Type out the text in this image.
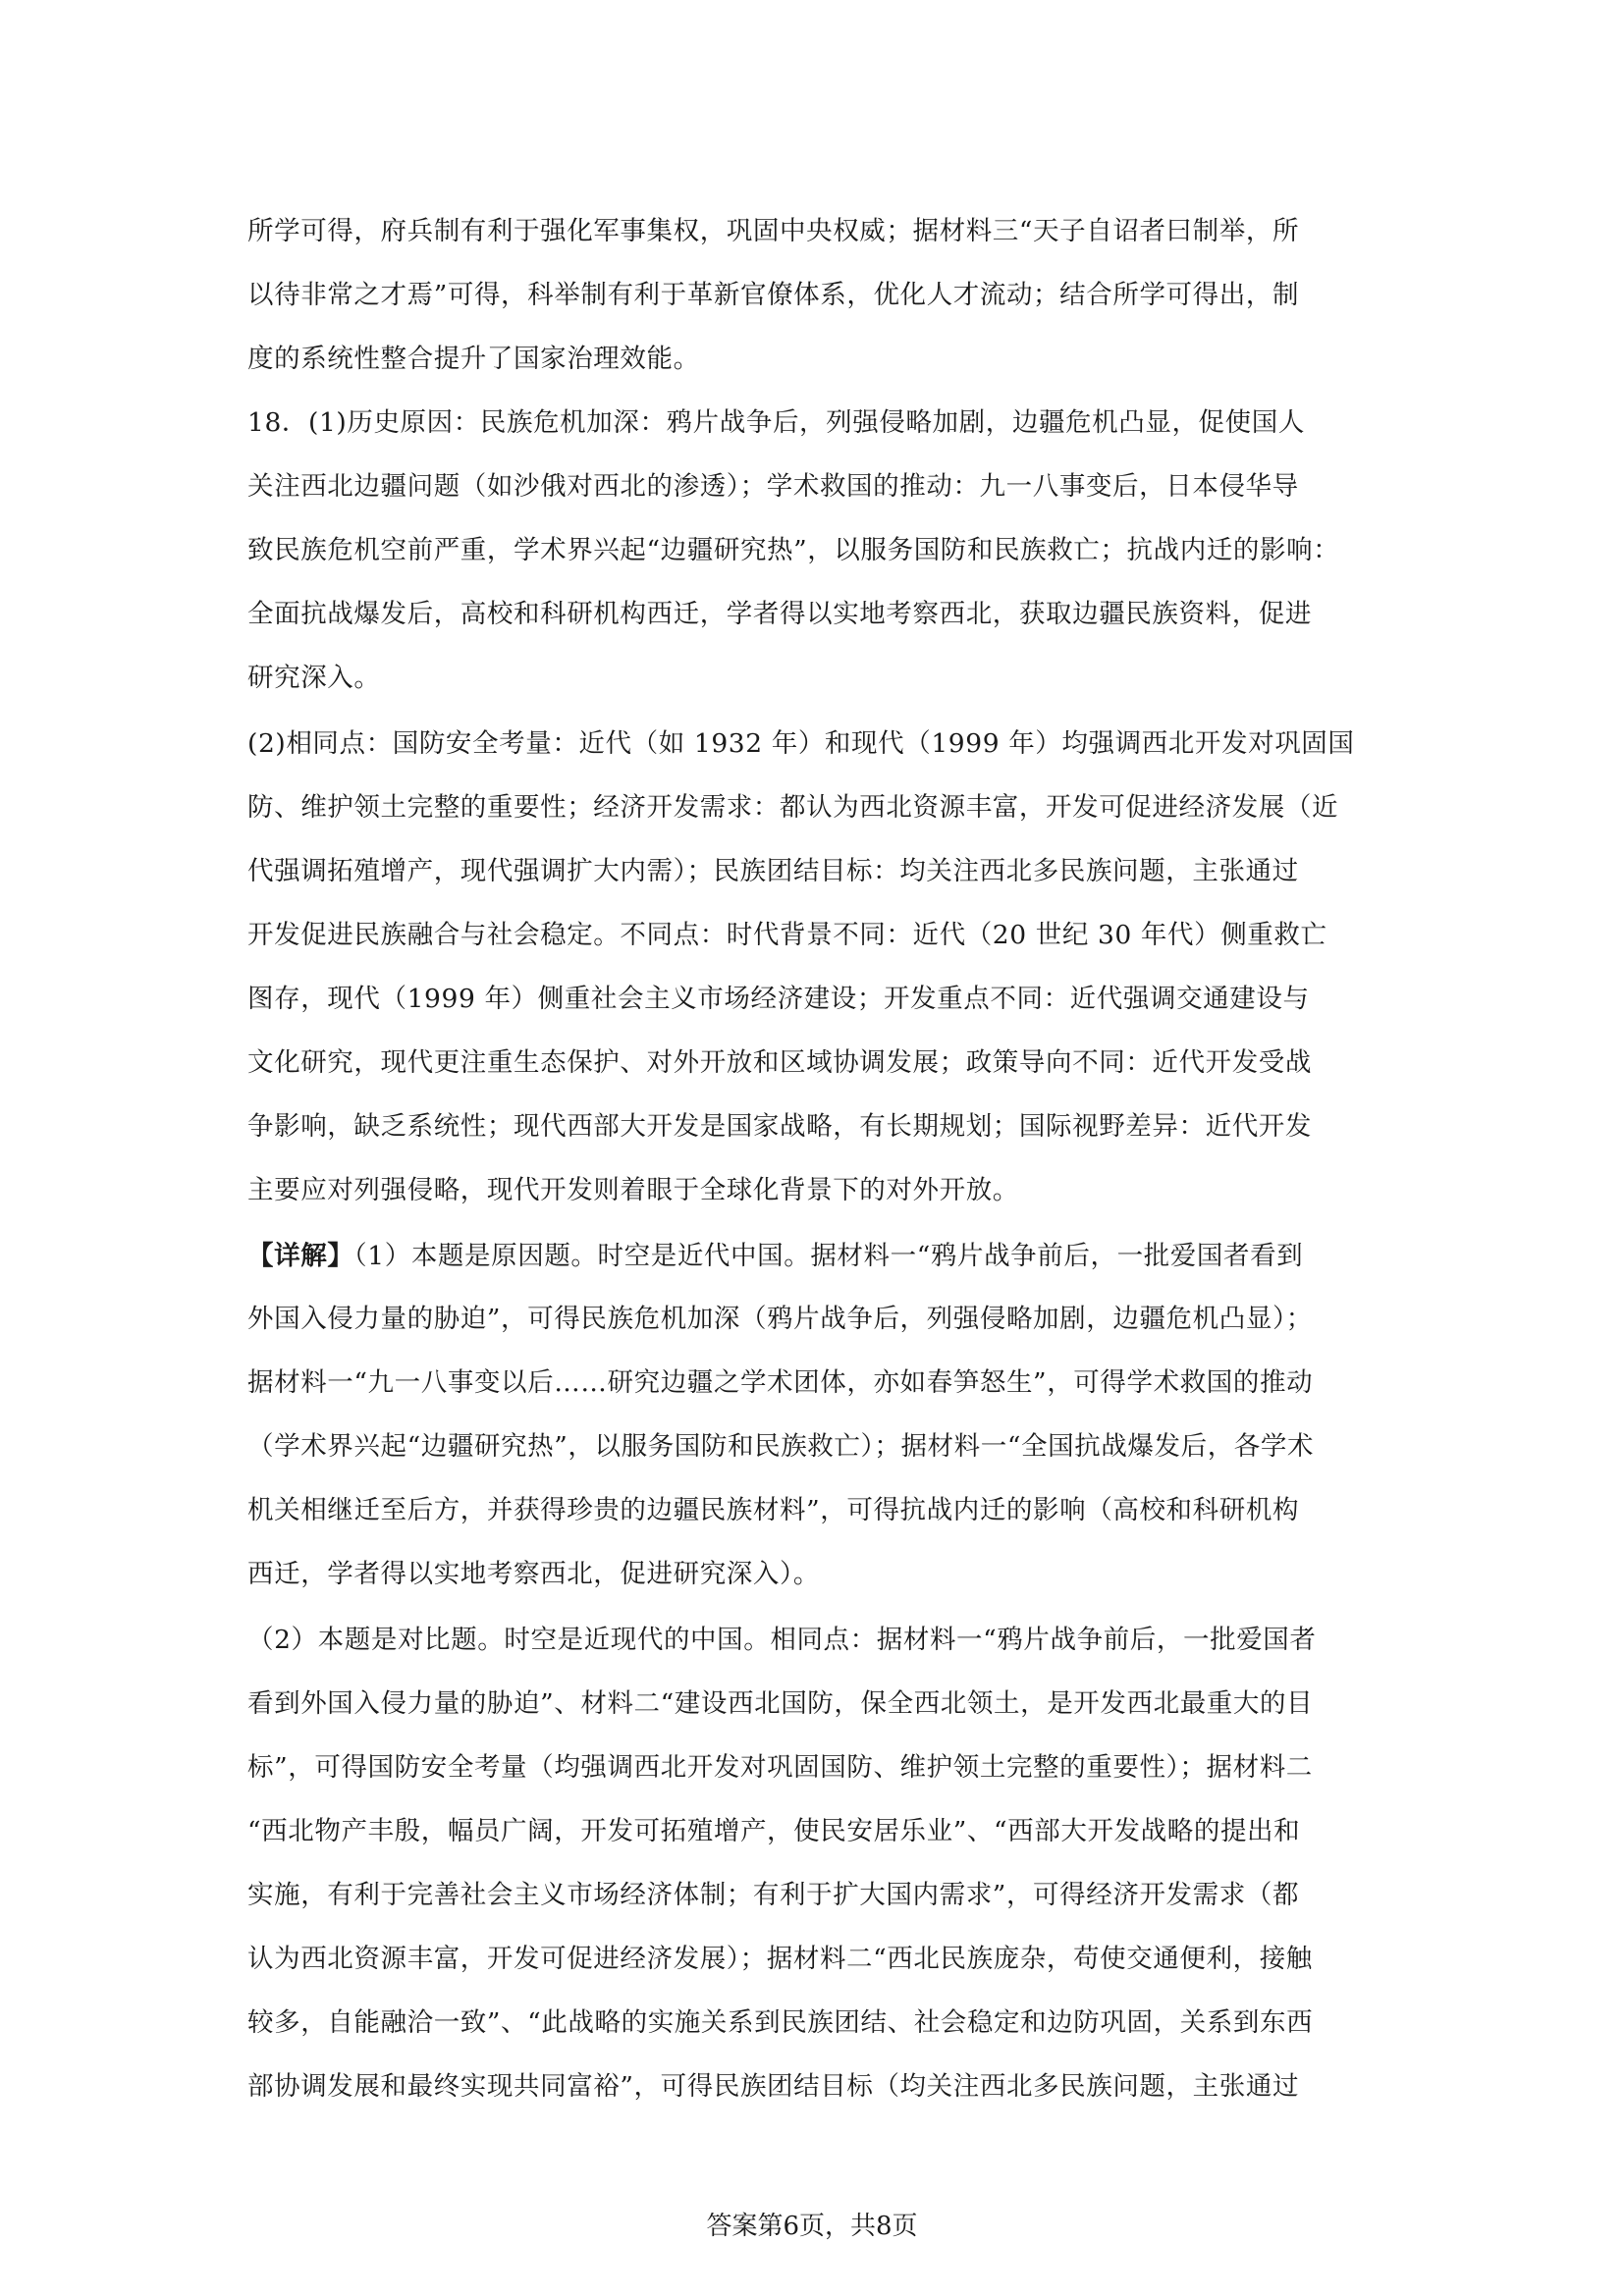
所学可得，府兵制有利于强化军事集权，巩固中央权威；据材料三“天子自诏者曰制举，所
以待非常之才焉”可得，科举制有利于革新官僚体系，优化人才流动；结合所学可得出，制
度的系统性整合提升了国家治理效能。
18．(1)历史原因：民族危机加深：鸦片战争后，列强侵略加剧，边疆危机凸显，促使国人
关注西北边疆问题（如沙俄对西北的渗透）；学术救国的推动：九一八事变后，日本侵华导
致民族危机空前严重，学术界兴起“边疆研究热”，以服务国防和民族救亡；抗战内迁的影响：
全面抗战爆发后，高校和科研机构西迁，学者得以实地考察西北，获取边疆民族资料，促进
研究深入。
(2)相同点：国防安全考量：近代（如 1932 年）和现代（1999 年）均强调西北开发对巩固国
防、维护领土完整的重要性；经济开发需求：都认为西北资源丰富，开发可促进经济发展（近
代强调拓殖增产，现代强调扩大内需）；民族团结目标：均关注西北多民族问题，主张通过
开发促进民族融合与社会稳定。不同点：时代背景不同：近代（20 世纪 30 年代）侧重救亡
图存，现代（1999 年）侧重社会主义市场经济建设；开发重点不同：近代强调交通建设与
文化研究，现代更注重生态保护、对外开放和区域协调发展；政策导向不同：近代开发受战
争影响，缺乏系统性；现代西部大开发是国家战略，有长期规划；国际视野差异：近代开发
主要应对列强侵略，现代开发则着眼于全球化背景下的对外开放。
【详解】（1）本题是原因题。时空是近代中国。据材料一“鸦片战争前后，一批爱国者看到
外国入侵力量的胁迫”，可得民族危机加深（鸦片战争后，列强侵略加剧，边疆危机凸显）；
据材料一“九一八事变以后……研究边疆之学术团体，亦如春笋怒生”，可得学术救国的推动
（学术界兴起“边疆研究热”，以服务国防和民族救亡）；据材料一“全国抗战爆发后，各学术
机关相继迁至后方，并获得珍贵的边疆民族材料”，可得抗战内迁的影响（高校和科研机构
西迁，学者得以实地考察西北，促进研究深入）。
（2）本题是对比题。时空是近现代的中国。相同点：据材料一“鸦片战争前后，一批爱国者
看到外国入侵力量的胁迫”、材料二“建设西北国防，保全西北领土，是开发西北最重大的目
标”，可得国防安全考量（均强调西北开发对巩固国防、维护领土完整的重要性）；据材料二
“西北物产丰殷，幅员广阔，开发可拓殖增产，使民安居乐业”、“西部大开发战略的提出和
实施，有利于完善社会主义市场经济体制；有利于扩大国内需求”，可得经济开发需求（都
认为西北资源丰富，开发可促进经济发展）；据材料二“西北民族庞杂，苟使交通便利，接触
较多，自能融洽一致”、“此战略的实施关系到民族团结、社会稳定和边防巩固，关系到东西
部协调发展和最终实现共同富裕”，可得民族团结目标（均关注西北多民族问题，主张通过
答案第6页，共8页
